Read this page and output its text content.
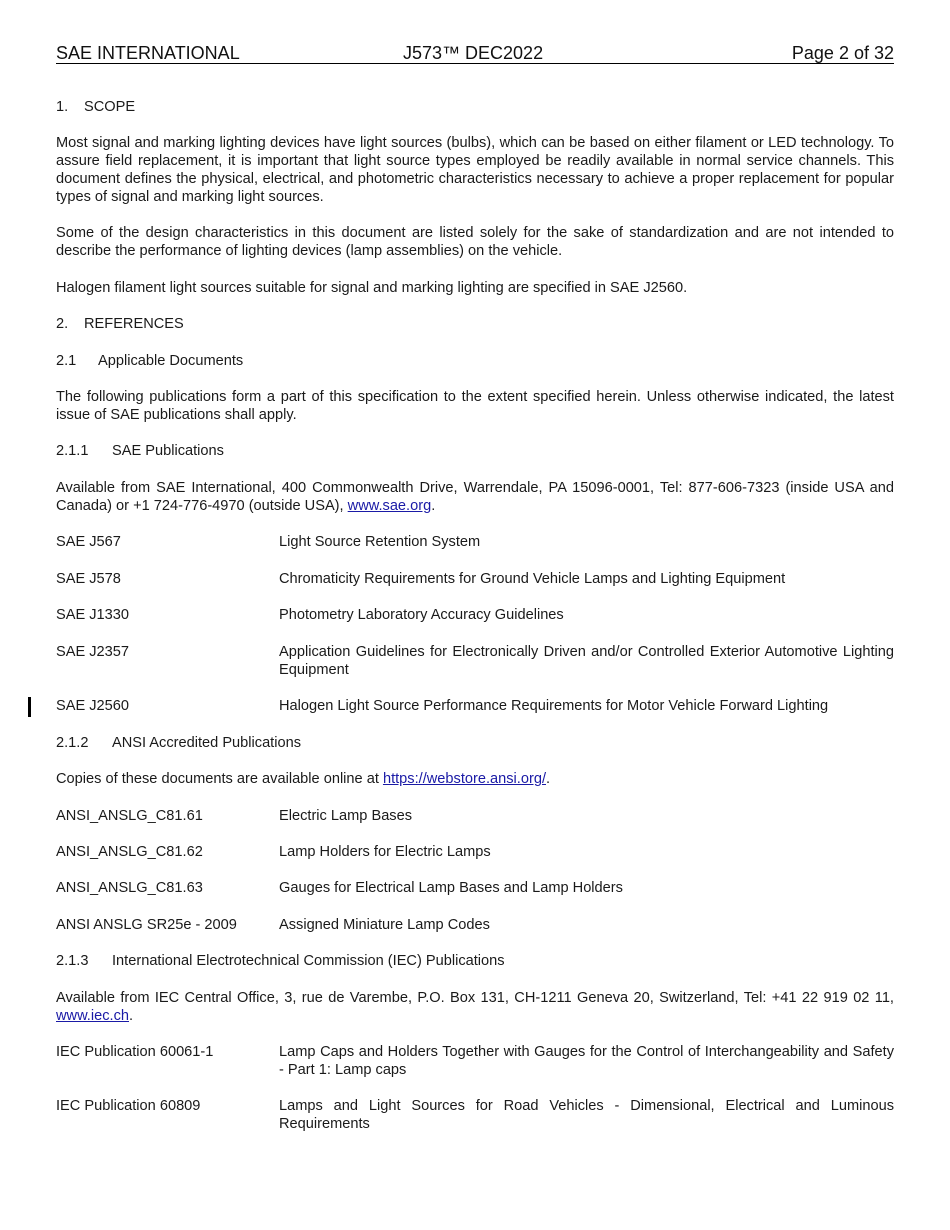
SAE INTERNATIONAL	J573™ DEC2022	Page 2 of 32
1. SCOPE
Most signal and marking lighting devices have light sources (bulbs), which can be based on either filament or LED technology. To assure field replacement, it is important that light source types employed be readily available in normal service channels. This document defines the physical, electrical, and photometric characteristics necessary to achieve a proper replacement for popular types of signal and marking light sources.
Some of the design characteristics in this document are listed solely for the sake of standardization and are not intended to describe the performance of lighting devices (lamp assemblies) on the vehicle.
Halogen filament light sources suitable for signal and marking lighting are specified in SAE J2560.
2. REFERENCES
2.1 Applicable Documents
The following publications form a part of this specification to the extent specified herein. Unless otherwise indicated, the latest issue of SAE publications shall apply.
2.1.1 SAE Publications
Available from SAE International, 400 Commonwealth Drive, Warrendale, PA 15096-0001, Tel: 877-606-7323 (inside USA and Canada) or +1 724-776-4970 (outside USA), www.sae.org.
SAE J567	Light Source Retention System
SAE J578	Chromaticity Requirements for Ground Vehicle Lamps and Lighting Equipment
SAE J1330	Photometry Laboratory Accuracy Guidelines
SAE J2357	Application Guidelines for Electronically Driven and/or Controlled Exterior Automotive Lighting Equipment
SAE J2560	Halogen Light Source Performance Requirements for Motor Vehicle Forward Lighting
2.1.2 ANSI Accredited Publications
Copies of these documents are available online at https://webstore.ansi.org/.
ANSI_ANSLG_C81.61	Electric Lamp Bases
ANSI_ANSLG_C81.62	Lamp Holders for Electric Lamps
ANSI_ANSLG_C81.63	Gauges for Electrical Lamp Bases and Lamp Holders
ANSI ANSLG SR25e - 2009	Assigned Miniature Lamp Codes
2.1.3 International Electrotechnical Commission (IEC) Publications
Available from IEC Central Office, 3, rue de Varembe, P.O. Box 131, CH-1211 Geneva 20, Switzerland, Tel: +41 22 919 02 11, www.iec.ch.
IEC Publication 60061-1	Lamp Caps and Holders Together with Gauges for the Control of Interchangeability and Safety - Part 1: Lamp caps
IEC Publication 60809	Lamps and Light Sources for Road Vehicles - Dimensional, Electrical and Luminous Requirements
